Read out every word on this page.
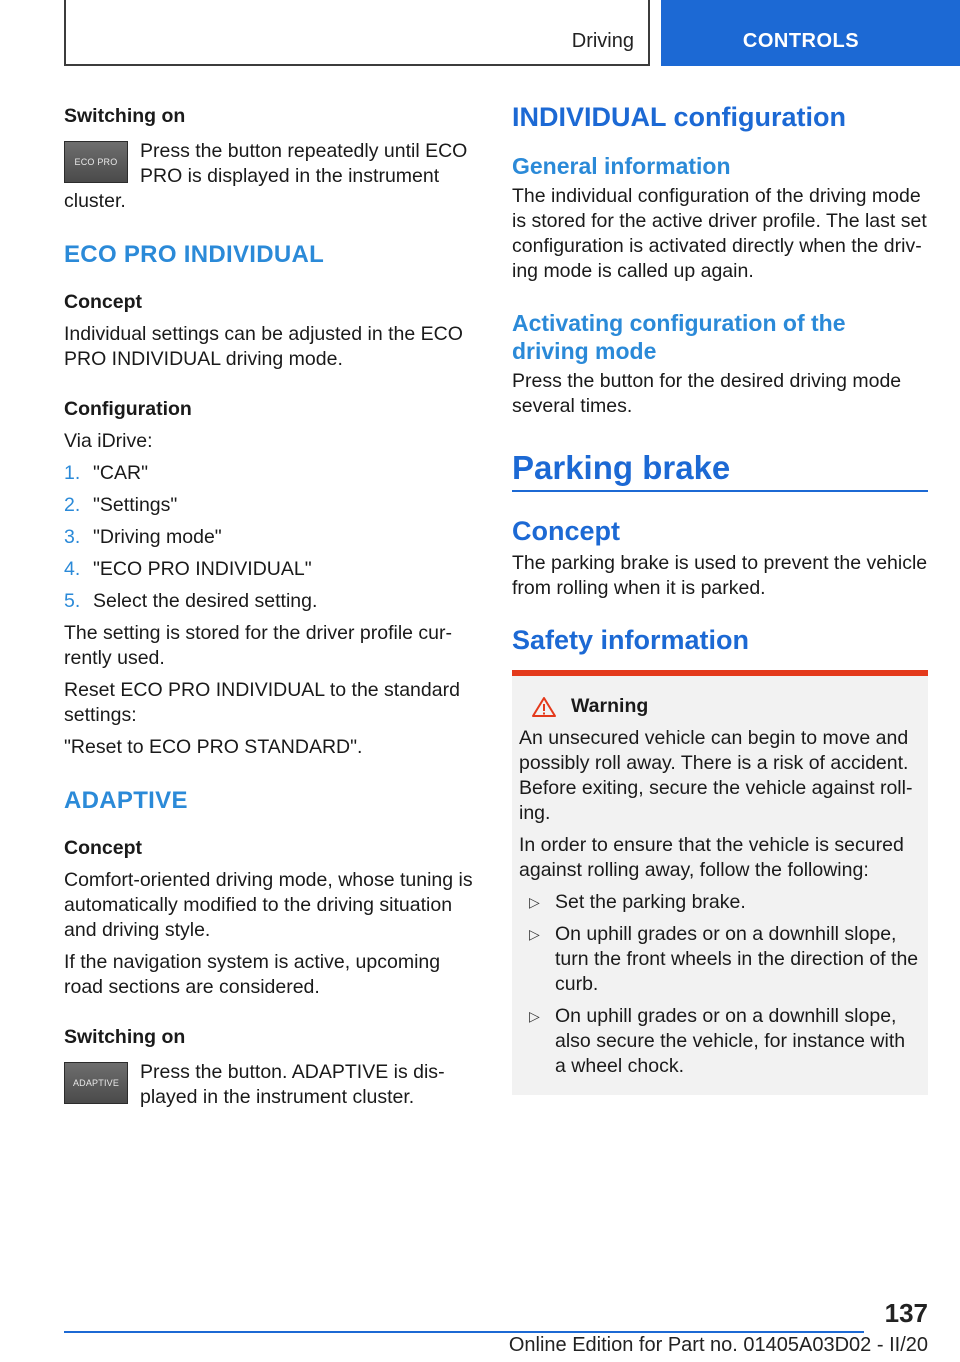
Driving	CONTROLS
Switching on
ECO PRO	Press the button repeatedly until ECO PRO is displayed in the instrument cluster.

ECO PRO INDIVIDUAL
Concept

Individual settings can be adjusted in the ECO PRO INDIVIDUAL driving mode.

Configuration

Via iDrive:

1. "CAR"
2. "Settings"
3. "Driving mode"
4. "ECO PRO INDIVIDUAL"
5. Select the desired setting.

The setting is stored for the driver profile currently used.

Reset ECO PRO INDIVIDUAL to the standard settings:

"Reset to ECO PRO STANDARD".

ADAPTIVE
Concept

Comfort-oriented driving mode, whose tuning is automatically modified to the driving situation and driving style.

If the navigation system is active, upcoming road sections are considered.

Switching on
ADAPTIVE	Press the button. ADAPTIVE is displayed in the instrument cluster.

INDIVIDUAL configuration
General information

The individual configuration of the driving mode is stored for the active driver profile. The last set configuration is activated directly when the driving mode is called up again.

Activating configuration of the driving mode

Press the button for the desired driving mode several times.

Parking brake
Concept

The parking brake is used to prevent the vehicle from rolling when it is parked.

Safety information
Warning

An unsecured vehicle can begin to move and possibly roll away. There is a risk of accident. Before exiting, secure the vehicle against rolling.

In order to ensure that the vehicle is secured against rolling away, follow the following:

▷ Set the parking brake.
▷ On uphill grades or on a downhill slope, turn the front wheels in the direction of the curb.
▷ On uphill grades or on a downhill slope, also secure the vehicle, for instance with a wheel chock.
137
Online Edition for Part no. 01405A03D02 - II/20
